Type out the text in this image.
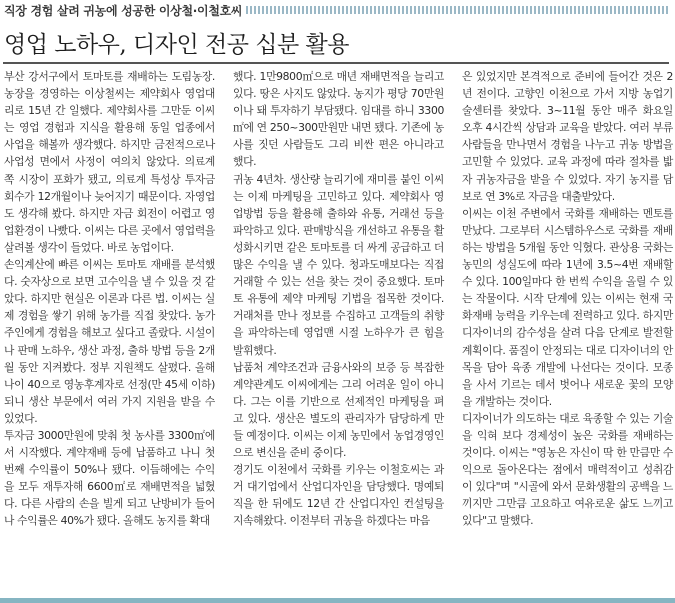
직장 경험 살려 귀농에 성공한 이상철·이철호씨
영업 노하우, 디자인 전공 십분 활용

부산 강서구에서 토마토를 재배하는 도림농장. 농장을 경영하는 이상철씨는 제약회사 영업대리로 15년 간 일했다. 제약회사를 그만둔 이씨는 영업 경험과 지식을 활용해 동일 업종에서 사업을 해볼까 생각했다. 하지만 금전적으로나 사업성 면에서 사정이 여의치 않았다. 의료계 쪽 시장이 포화가 됐고, 의료계 특성상 투자금 회수가 12개월이나 늦어지기 때문이다. 자영업도 생각해 봤다. 하지만 자금 회전이 어렵고 영업환경이 나빴다. 이씨는 다른 곳에서 영업력을 살려볼 생각이 들었다. 바로 농업이다.

손익계산에 빠른 이씨는 토마토 재배를 분석했다. 숫자상으로 보면 고수익을 낼 수 있을 것 같았다. 하지만 현실은 이론과 다른 법. 이씨는 실제 경험을 쌓기 위해 농가를 직접 찾았다. 농가 주인에게 경험을 해보고 싶다고 졸랐다. 시설이나 판매 노하우, 생산 과정, 출하 방법 등을 2개월 동안 지켜봤다. 정부 지원책도 살폈다. 올해 나이 40으로 영농후계자로 선정(만 45세 이하)되니 생산 부문에서 여러 가지 지원을 받을 수 있었다.

투자금 3000만원에 맞춰 첫 농사를 3300㎡에서 시작했다. 계약재배 등에 납품하고 나니 첫 번째 수익률이 50%나 됐다. 이듬해에는 수익을 모두 재투자해 6600㎡로 재배면적을 넓혔다. 다른 사람의 손을 빌게 되고 난방비가 들어 나 수익률은 40%가 됐다. 올해도 농지를 확대

했다. 1만9800㎡으로 매년 재배면적을 늘리고 있다. 땅은 사지도 않았다. 농지가 평당 70만원이나 돼 투자하기 부담됐다. 임대를 하니 3300㎡에 연 250~300만원만 내면 됐다. 기존에 농사를 짓던 사람들도 그리 비싼 편은 아니라고 했다.

귀농 4년차. 생산량 늘리기에 재미를 붙인 이씨는 이제 마케팅을 고민하고 있다. 제약회사 영업방법 등을 활용해 출하와 유통, 거래선 등을 파악하고 있다. 판매방식을 개선하고 유통을 활성화시키면 같은 토마토를 더 싸게 공급하고 더 많은 수익을 낼 수 있다. 청과도매보다는 직접 거래할 수 있는 선을 찾는 것이 중요했다. 토마토 유통에 제약 마케팅 기법을 접목한 것이다. 거래처를 만나 정보를 수집하고 고객들의 취향을 파악하는데 영업맨 시절 노하우가 큰 힘을 발휘했다.

납품처 계약조건과 금융사와의 보증 등 복잡한 계약관계도 이씨에게는 그리 어려운 일이 아니다. 그는 이를 기반으로 선제적인 마케팅을 펴고 있다. 생산은 별도의 관리자가 담당하게 만들 예정이다. 이씨는 이제 농민에서 농업경영인으로 변신을 준비 중이다.

경기도 이천에서 국화를 키우는 이철호씨는 과거 대기업에서 산업디자인을 담당했다. 명예퇴직을 한 뒤에도 12년 간 산업디자인 컨설팅을 지속해왔다. 이전부터 귀농을 하겠다는 마음

은 있었지만 본격적으로 준비에 들어간 것은 2년 전이다. 고향인 이천으로 가서 지방 농업기술센터를 찾았다. 3~11월 동안 매주 화요일 오후 4시간씩 상담과 교육을 받았다. 여러 부류 사람들을 만나면서 경험을 나누고 귀농 방법을 고민할 수 있었다. 교육 과정에 따라 절차를 밟자 귀농자금을 받을 수 있었다. 자기 농지를 담보로 연 3%로 자금을 대출받았다.

이씨는 이천 주변에서 국화를 재배하는 멘토를 만났다. 그로부터 시스템하우스로 국화를 재배하는 방법을 5개월 동안 익혔다. 관상용 국화는 농민의 성실도에 따라 1년에 3.5~4번 재배할 수 있다. 100일마다 한 번씩 수익을 올릴 수 있는 작물이다. 시작 단계에 있는 이씨는 현재 국화재배 능력을 키우는데 전력하고 있다. 하지만 디자이너의 감수성을 살려 다음 단계로 발전할 계획이다. 품질이 안정되는 대로 디자이너의 안목을 담아 육종 개발에 나선다는 것이다. 모종을 사서 기르는 데서 벗어나 새로운 꽃의 모양을 개발하는 것이다.

디자이너가 의도하는 대로 육종할 수 있는 기술을 익혀 보다 경제성이 높은 국화를 재배하는 것이다. 이씨는 "영농은 자신이 딱 한 만큼만 수익으로 돌아온다는 점에서 매력적이고 성취감이 있다"며 "시골에 와서 문화생활의 공백을 느끼지만 그만큼 고요하고 여유로운 삶도 느끼고 있다"고 말했다.
